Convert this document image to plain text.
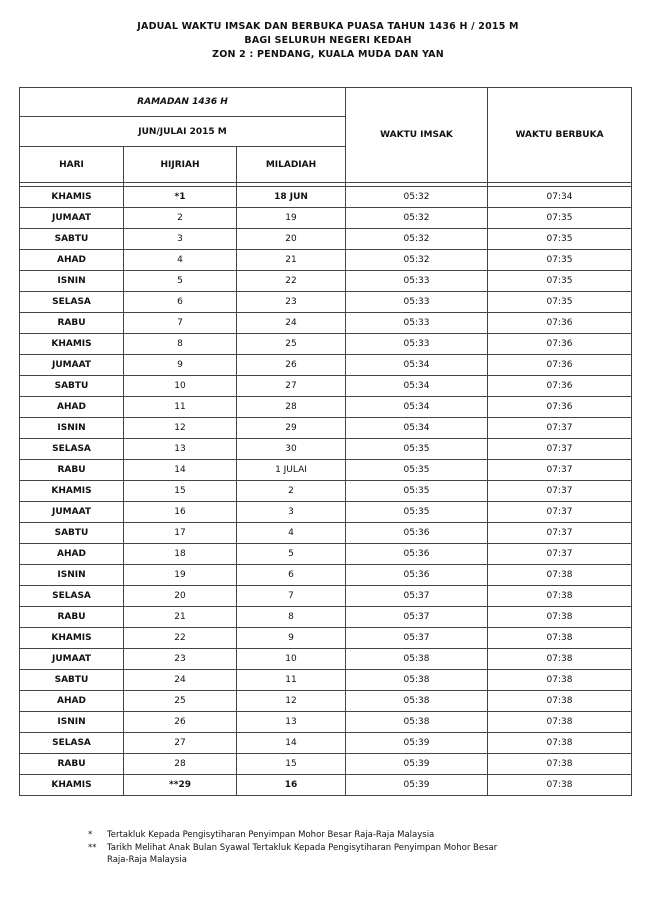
JADUAL WAKTU IMSAK DAN BERBUKA PUASA TAHUN 1436 H / 2015 M
BAGI SELURUH NEGERI KEDAH
ZON 2 : PENDANG, KUALA MUDA DAN YAN
RAMADAN 1436 H			WAKTU IMSAK	WAKTU BERBUKA
JUN/JULAI 2015 M				
HARI	HIJRIAH	MILADIAH		

KHAMIS	*1	18 JUN	05:32	07:34
JUMAAT	2	19	05:32	07:35
SABTU	3	20	05:32	07:35
AHAD	4	21	05:32	07:35
ISNIN	5	22	05:33	07:35
SELASA	6	23	05:33	07:35
RABU	7	24	05:33	07:36
KHAMIS	8	25	05:33	07:36
JUMAAT	9	26	05:34	07:36
SABTU	10	27	05:34	07:36
AHAD	11	28	05:34	07:36
ISNIN	12	29	05:34	07:37
SELASA	13	30	05:35	07:37
RABU	14	1 JULAI	05:35	07:37
KHAMIS	15	2	05:35	07:37
JUMAAT	16	3	05:35	07:37
SABTU	17	4	05:36	07:37
AHAD	18	5	05:36	07:37
ISNIN	19	6	05:36	07:38
SELASA	20	7	05:37	07:38
RABU	21	8	05:37	07:38
KHAMIS	22	9	05:37	07:38
JUMAAT	23	10	05:38	07:38
SABTU	24	11	05:38	07:38
AHAD	25	12	05:38	07:38
ISNIN	26	13	05:38	07:38
SELASA	27	14	05:39	07:38
RABU	28	15	05:39	07:38
KHAMIS	**29	16	05:39	07:38
*	Tertakluk Kepada Pengisytiharan Penyimpan Mohor Besar Raja-Raja Malaysia
**	Tarikh Melihat Anak Bulan Syawal Tertakluk Kepada Pengisytiharan Penyimpan Mohor Besar
Raja-Raja Malaysia
